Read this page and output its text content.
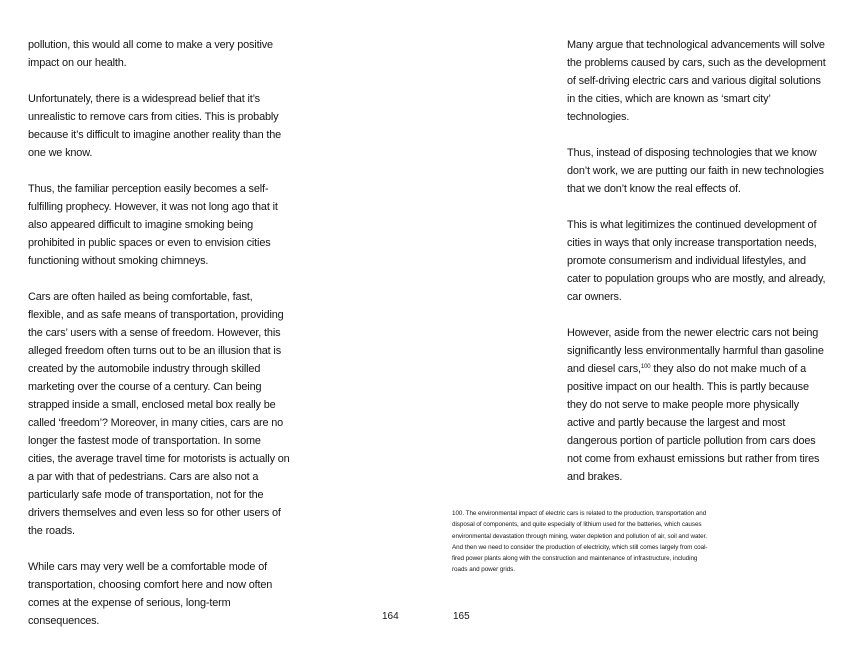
pollution, this would all come to make a very positive impact on our health.

Unfortunately, there is a widespread belief that it’s unrealistic to remove cars from cities. This is probably because it’s difficult to imagine another reality than the one we know.

Thus, the familiar perception easily becomes a self-fulfilling prophecy. However, it was not long ago that it also appeared difficult to imagine smoking being prohibited in public spaces or even to envision cities functioning without smoking chimneys.

Cars are often hailed as being comfortable, fast, flexible, and as safe means of transportation, providing the cars’ users with a sense of freedom. However, this alleged freedom often turns out to be an illusion that is created by the automobile industry through skilled marketing over the course of a century. Can being strapped inside a small, enclosed metal box really be called ‘freedom’? Moreover, in many cities, cars are no longer the fastest mode of transportation. In some cities, the average travel time for motorists is actually on a par with that of pedestrians. Cars are also not a particularly safe mode of transportation, not for the drivers themselves and even less so for other users of the roads.

While cars may very well be a comfortable mode of transportation, choosing comfort here and now often comes at the expense of serious, long-term consequences.

Many argue that technological advancements will solve the problems caused by cars, such as the development of self-driving electric cars and various digital solutions in the cities, which are known as ‘smart city’ technologies.

Thus, instead of disposing technologies that we know don’t work, we are putting our faith in new technologies that we don’t know the real effects of.

This is what legitimizes the continued development of cities in ways that only increase transportation needs, promote consumerism and individual lifestyles, and cater to population groups who are mostly, and already, car owners.

However, aside from the newer electric cars not being significantly less environmentally harmful than gasoline and diesel cars,$^{100}$ they also do not make much of a positive impact on our health. This is partly because they do not serve to make people more physically active and partly because the largest and most dangerous portion of particle pollution from cars does not come from exhaust emissions but rather from tires and brakes.

100. The environmental impact of electric cars is related to the production, transportation and disposal of components, and quite especially of lithium used for the batteries, which causes environmental devastation through mining, water depletion and pollution of air, soil and water. And then we need to consider the production of electricity, which still comes largely from coal-fired power plants along with the construction and maintenance of infrastructure, including roads and power grids.

164	165
